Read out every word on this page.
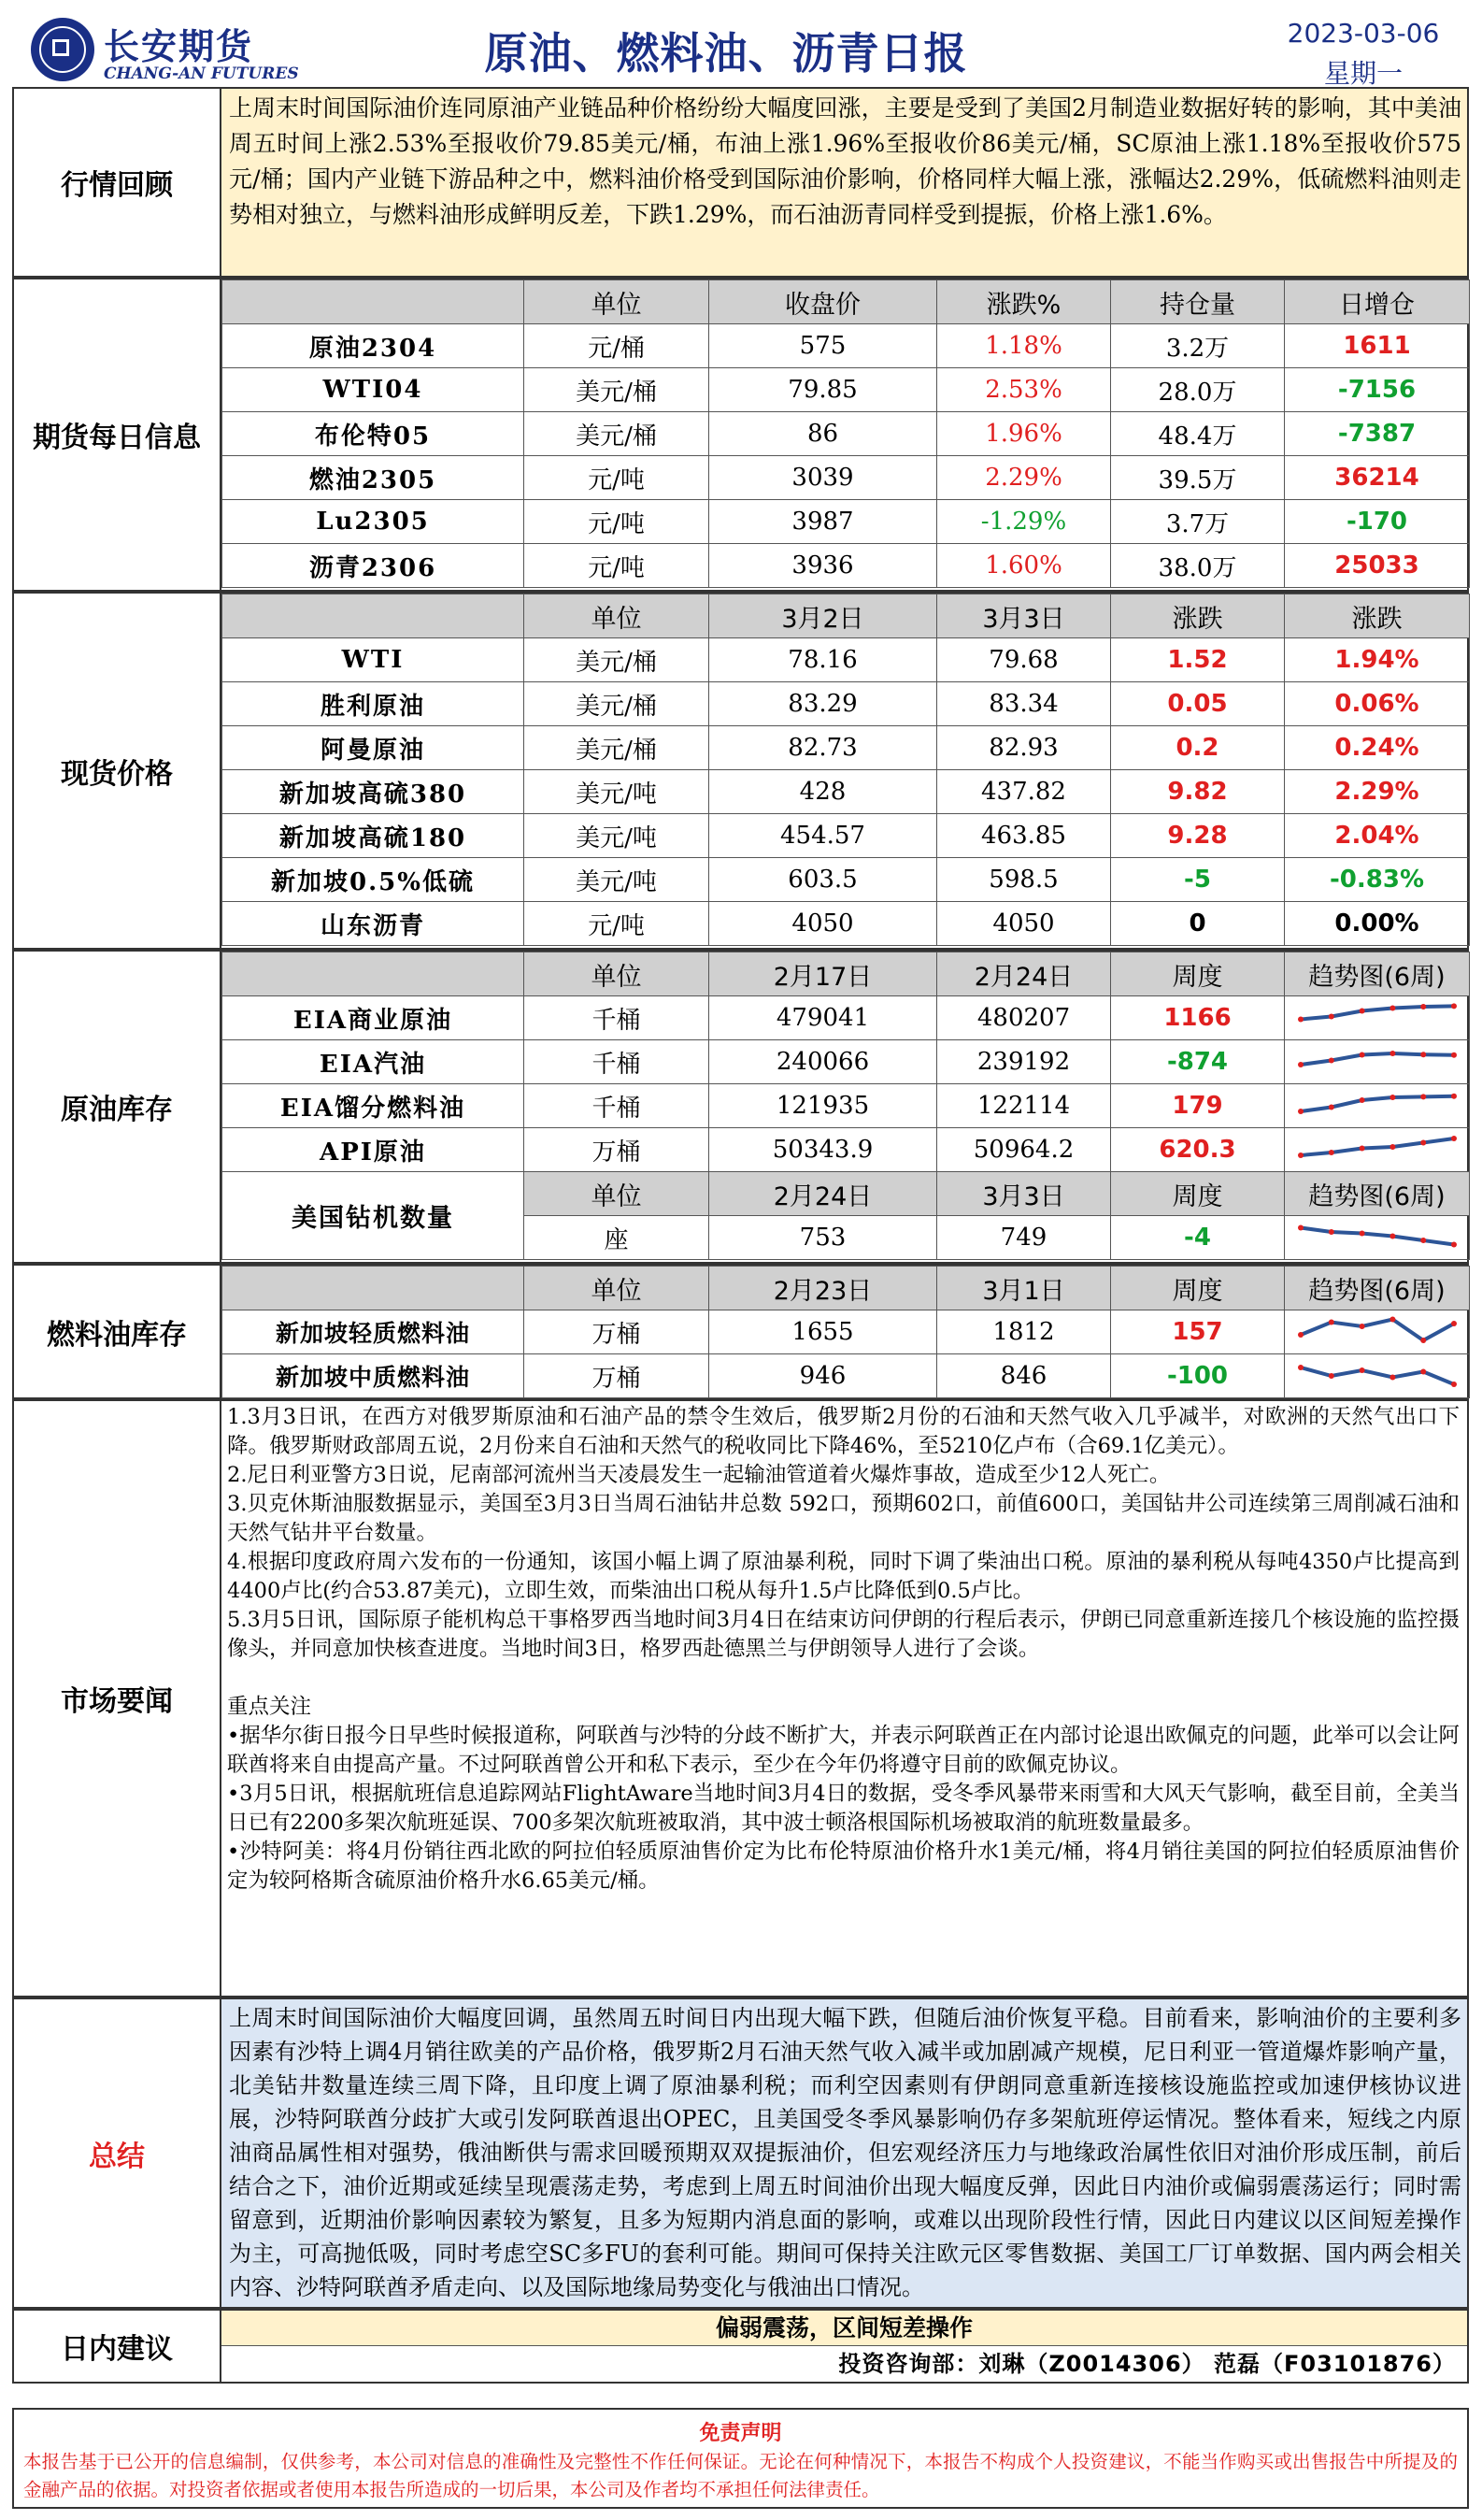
长安期货
CHANG-AN FUTURES	原油、燃料油、沥青日报	2023-03-06
星期一
行情回顾
上周末时间国际油价连同原油产业链品种价格纷纷大幅度回涨，主要是受到了美国2月制造业数据好转的影响，其中美油周五时间上涨2.53%至报收价79.85美元/桶，布油上涨1.96%至报收价86美元/桶，SC原油上涨1.18%至报收价575元/桶；国内产业链下游品种之中，燃料油价格受到国际油价影响，价格同样大幅上涨，涨幅达2.29%，低硫燃料油则走势相对独立，与燃料油形成鲜明反差，下跌1.29%，而石油沥青同样受到提振，价格上涨1.6%。
期货每日信息
	单位	收盘价	涨跌%	持仓量	日增仓
原油2304	元/桶	575	1.18%	3.2万	1611
WTI04	美元/桶	79.85	2.53%	28.0万	-7156
布伦特05	美元/桶	86	1.96%	48.4万	-7387
燃油2305	元/吨	3039	2.29%	39.5万	36214
Lu2305	元/吨	3987	-1.29%	3.7万	-170
沥青2306	元/吨	3936	1.60%	38.0万	25033
现货价格
	单位	3月2日	3月3日	涨跌	涨跌
WTI	美元/桶	78.16	79.68	1.52	1.94%
胜利原油	美元/桶	83.29	83.34	0.05	0.06%
阿曼原油	美元/桶	82.73	82.93	0.2	0.24%
新加坡高硫380	美元/吨	428	437.82	9.82	2.29%
新加坡高硫180	美元/吨	454.57	463.85	9.28	2.04%
新加坡0.5%低硫	美元/吨	603.5	598.5	-5	-0.83%
山东沥青	元/吨	4050	4050	0	0.00%
原油库存
	单位	2月17日	2月24日	周度	趋势图(6周)
EIA商业原油	千桶	479041	480207	1166	

EIA汽油	千桶	240066	239192	-874	

EIA馏分燃料油	千桶	121935	122114	179	

API原油	万桶	50343.9	50964.2	620.3	

美国钻机数量	单位	2月24日	3月3日	周度	趋势图(6周)
	座	753	749	-4	
燃料油库存
	单位	2月23日	3月1日	周度	趋势图(6周)
新加坡轻质燃料油	万桶	1655	1812	157	

新加坡中质燃料油	万桶	946	846	-100	
市场要闻

1.3月3日讯，在西方对俄罗斯原油和石油产品的禁令生效后，俄罗斯2月份的石油和天然气收入几乎减半，对欧洲的天然气出口下降。俄罗斯财政部周五说，2月份来自石油和天然气的税收同比下降46%，至5210亿卢布（合69.1亿美元）。

2.尼日利亚警方3日说，尼南部河流州当天凌晨发生一起输油管道着火爆炸事故，造成至少12人死亡。

3.贝克休斯油服数据显示，美国至3月3日当周石油钻井总数 592口，预期602口，前值600口，美国钻井公司连续第三周削减石油和天然气钻井平台数量。

4.根据印度政府周六发布的一份通知，该国小幅上调了原油暴利税，同时下调了柴油出口税。原油的暴利税从每吨4350卢比提高到4400卢比(约合53.87美元)，立即生效，而柴油出口税从每升1.5卢比降低到0.5卢比。

5.3月5日讯，国际原子能机构总干事格罗西当地时间3月4日在结束访问伊朗的行程后表示，伊朗已同意重新连接几个核设施的监控摄像头，并同意加快核查进度。当地时间3日，格罗西赴德黑兰与伊朗领导人进行了会谈。

重点关注

•据华尔街日报今日早些时候报道称，阿联酋与沙特的分歧不断扩大，并表示阿联酋正在内部讨论退出欧佩克的问题，此举可以会让阿联酋将来自由提高产量。不过阿联酋曾公开和私下表示，至少在今年仍将遵守目前的欧佩克协议。

•3月5日讯，根据航班信息追踪网站FlightAware当地时间3月4日的数据，受冬季风暴带来雨雪和大风天气影响，截至目前，全美当日已有2200多架次航班延误、700多架次航班被取消，其中波士顿洛根国际机场被取消的航班数量最多。

•沙特阿美：将4月份销往西北欧的阿拉伯轻质原油售价定为比布伦特原油价格升水1美元/桶，将4月销往美国的阿拉伯轻质原油售价定为较阿格斯含硫原油价格升水6.65美元/桶。

总结
上周末时间国际油价大幅度回调，虽然周五时间日内出现大幅下跌，但随后油价恢复平稳。目前看来，影响油价的主要利多因素有沙特上调4月销往欧美的产品价格，俄罗斯2月石油天然气收入减半或加剧减产规模，尼日利亚一管道爆炸影响产量，北美钻井数量连续三周下降，且印度上调了原油暴利税；而利空因素则有伊朗同意重新连接核设施监控或加速伊核协议进展，沙特阿联酋分歧扩大或引发阿联酋退出OPEC，且美国受冬季风暴影响仍存多架航班停运情况。整体看来，短线之内原油商品属性相对强势，俄油断供与需求回暖预期双双提振油价，但宏观经济压力与地缘政治属性依旧对油价形成压制，前后结合之下，油价近期或延续呈现震荡走势，考虑到上周五时间油价出现大幅度反弹，因此日内油价或偏弱震荡运行；同时需留意到，近期油价影响因素较为繁复，且多为短期内消息面的影响，或难以出现阶段性行情，因此日内建议以区间短差操作为主，可高抛低吸，同时考虑空SC多FU的套利可能。期间可保持关注欧元区零售数据、美国工厂订单数据、国内两会相关内容、沙特阿联酋矛盾走向、以及国际地缘局势变化与俄油出口情况。
日内建议
偏弱震荡，区间短差操作
投资咨询部：刘琳（Z0014306） 范磊（F03101876）
免责声明
本报告基于已公开的信息编制，仅供参考，本公司对信息的准确性及完整性不作任何保证。无论在何种情况下，本报告不构成个人投资建议，不能当作购买或出售报告中所提及的金融产品的依据。对投资者依据或者使用本报告所造成的一切后果，本公司及作者均不承担任何法律责任。
